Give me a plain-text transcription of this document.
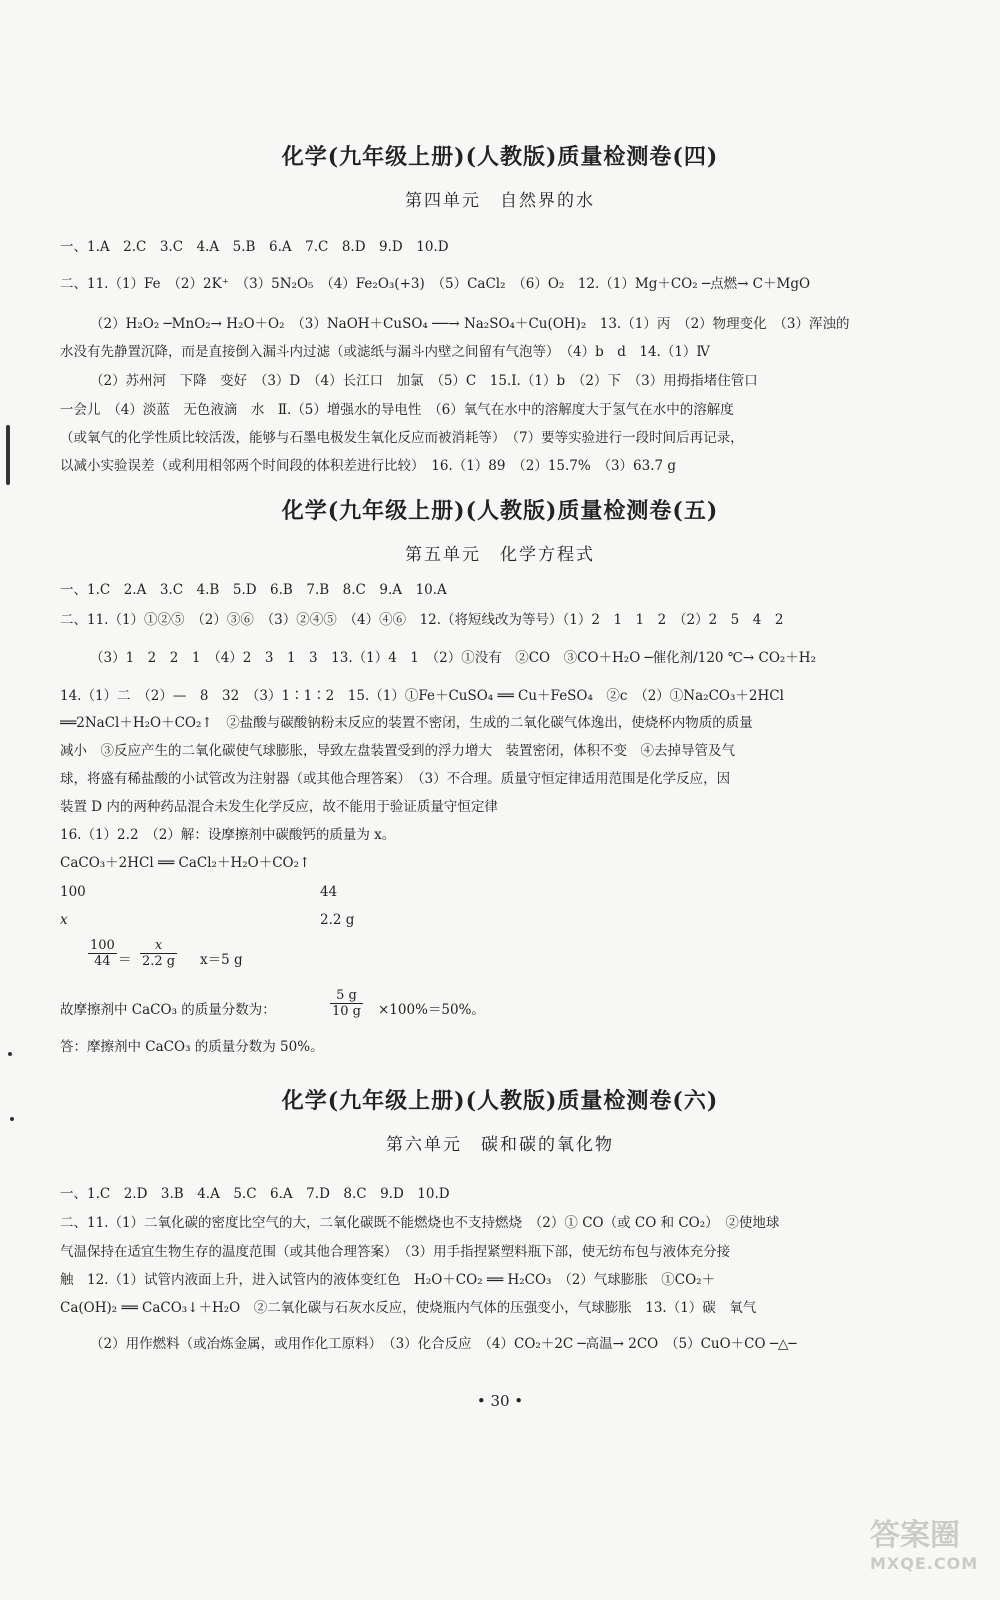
化学(九年级上册)(人教版)质量检测卷(四)
第四单元　自然界的水
一、1.A　2.C　3.C　4.A　5.B　6.A　7.C　8.D　9.D　10.D
二、11.（1）Fe　（2）2K⁺　（3）5N₂O₅　（4）Fe₂O₃(+3)　（5）CaCl₂　（6）O₂　12.（1）Mg＋CO₂ ─点燃→ C＋MgO
（2）H₂O₂ ─MnO₂→ H₂O＋O₂　（3）NaOH＋CuSO₄ ──→ Na₂SO₄＋Cu(OH)₂　13.（1）丙　（2）物理变化　（3）浑浊的
水没有先静置沉降，而是直接倒入漏斗内过滤（或滤纸与漏斗内壁之间留有气泡等）　（4）b　d　14.（1）Ⅳ
（2）苏州河　下降　变好　（3）D　（4）长江口　加氯　（5）C　15.Ⅰ.（1）b　（2）下　（3）用拇指堵住管口
一会儿　（4）淡蓝　无色液滴　水　Ⅱ.（5）增强水的导电性　（6）氧气在水中的溶解度大于氢气在水中的溶解度
（或氧气的化学性质比较活泼，能够与石墨电极发生氧化反应而被消耗等）　（7）要等实验进行一段时间后再记录，
以减小实验误差（或利用相邻两个时间段的体积差进行比较）　16.（1）89　（2）15.7%　（3）63.7 g
化学(九年级上册)(人教版)质量检测卷(五)
第五单元　化学方程式
一、1.C　2.A　3.C　4.B　5.D　6.B　7.B　8.C　9.A　10.A
二、11.（1）①②⑤　（2）③⑥　（3）②④⑤　（4）④⑥　12.（将短线改为等号）（1）2　1　1　2　（2）2　5　4　2
（3）1　2　2　1　（4）2　3　1　3　13.（1）4　1　（2）①没有　②CO　③CO＋H₂O ─催化剂/120 ℃→ CO₂＋H₂
14.（1）二　（2）—　8　32　（3）1∶1∶2　15.（1）①Fe＋CuSO₄ ══ Cu＋FeSO₄　②c　（2）①Na₂CO₃＋2HCl
══2NaCl＋H₂O＋CO₂↑　②盐酸与碳酸钠粉末反应的装置不密闭，生成的二氧化碳气体逸出，使烧杯内物质的质量
减小　③反应产生的二氧化碳使气球膨胀，导致左盘装置受到的浮力增大　装置密闭，体积不变　④去掉导管及气
球，将盛有稀盐酸的小试管改为注射器（或其他合理答案）　（3）不合理。质量守恒定律适用范围是化学反应，因
装置 D 内的两种药品混合未发生化学反应，故不能用于验证质量守恒定律
16.（1）2.2　（2）解：设摩擦剂中碳酸钙的质量为 x。
CaCO₃＋2HCl ══ CaCl₂＋H₂O＋CO₂↑
100	44
x	2.2 g
$\frac{100}{44} = \frac{x}{2.2 g} x=5$ g
故摩擦剂中 CaCO₃ 的质量分数为：	$\frac{5 g}{10 g} \times 100\%=50\%$。
答：摩擦剂中 CaCO₃ 的质量分数为 50%。
化学(九年级上册)(人教版)质量检测卷(六)
第六单元　碳和碳的氧化物
一、1.C　2.D　3.B　4.A　5.C　6.A　7.D　8.C　9.D　10.D
二、11.（1）二氧化碳的密度比空气的大，二氧化碳既不能燃烧也不支持燃烧　（2）① CO（或 CO 和 CO₂）　②使地球
气温保持在适宜生物生存的温度范围（或其他合理答案）　（3）用手指捏紧塑料瓶下部，使无纺布包与液体充分接
触　12.（1）试管内液面上升，进入试管内的液体变红色　H₂O＋CO₂ ══ H₂CO₃　（2）气球膨胀　①CO₂＋
Ca(OH)₂ ══ CaCO₃↓＋H₂O　②二氧化碳与石灰水反应，使烧瓶内气体的压强变小，气球膨胀　13.（1）碳　氧气
（2）用作燃料（或冶炼金属，或用作化工原料）　（3）化合反应　（4）CO₂＋2C ─高温→ 2CO　（5）CuO＋CO ─△─
• 30 •
答案圈
MXQE.COM
